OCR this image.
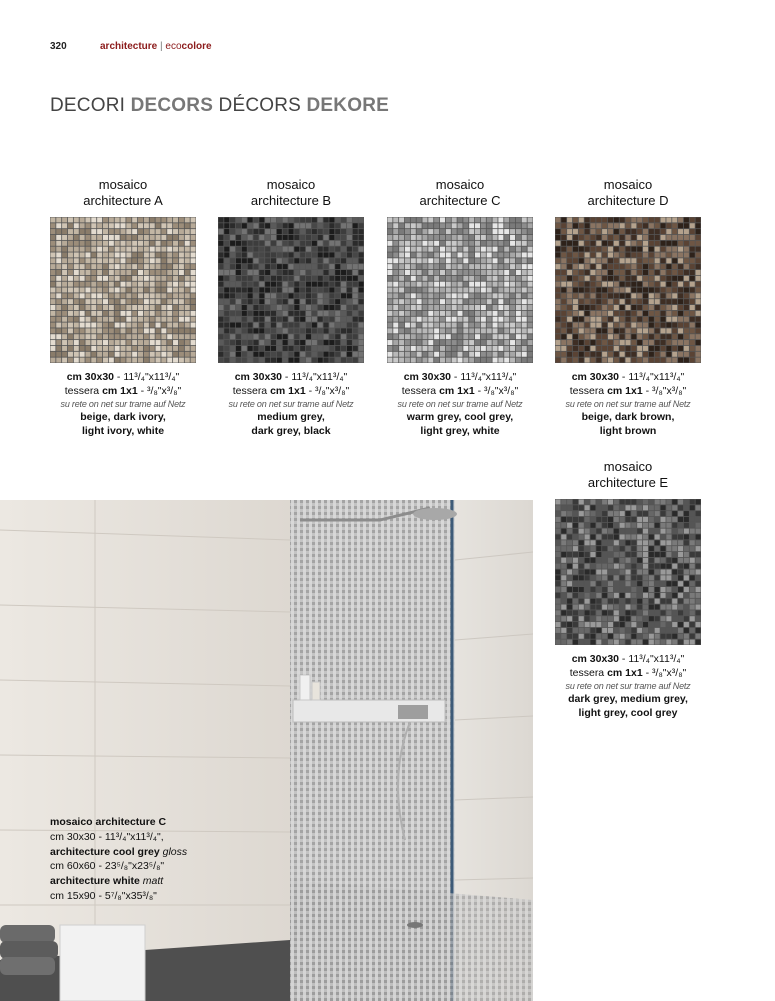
320	architecture | ecocolore
DECORI DECORS DÉCORS DEKORE
mosaico
architecture A
cm 30x30 - 11³/₄"x11³/₄"
tessera cm 1x1 - ³/₈"x³/₈"
su rete on net sur trame auf Netz
beige, dark ivory,
light ivory, white
mosaico
architecture B
cm 30x30 - 11³/₄"x11³/₄"
tessera cm 1x1 - ³/₈"x³/₈"
su rete on net sur trame auf Netz
medium grey,
dark grey, black
mosaico
architecture C
cm 30x30 - 11³/₄"x11³/₄"
tessera cm 1x1 - ³/₈"x³/₈"
su rete on net sur trame auf Netz
warm grey, cool grey,
light grey, white
mosaico
architecture D
cm 30x30 - 11³/₄"x11³/₄"
tessera cm 1x1 - ³/₈"x³/₈"
su rete on net sur trame auf Netz
beige, dark brown,
light brown
mosaico
architecture E
cm 30x30 - 11³/₄"x11³/₄"
tessera cm 1x1 - ³/₈"x³/₈"
su rete on net sur trame auf Netz
dark grey, medium grey,
light grey, cool grey
mosaico architecture C
cm 30x30 - 11³/₄"x11³/₄",
architecture cool grey gloss
cm 60x60 - 23⁵/₈"x23⁵/₈"
architecture white matt
cm 15x90 - 5⁷/₈"x35³/₈"
